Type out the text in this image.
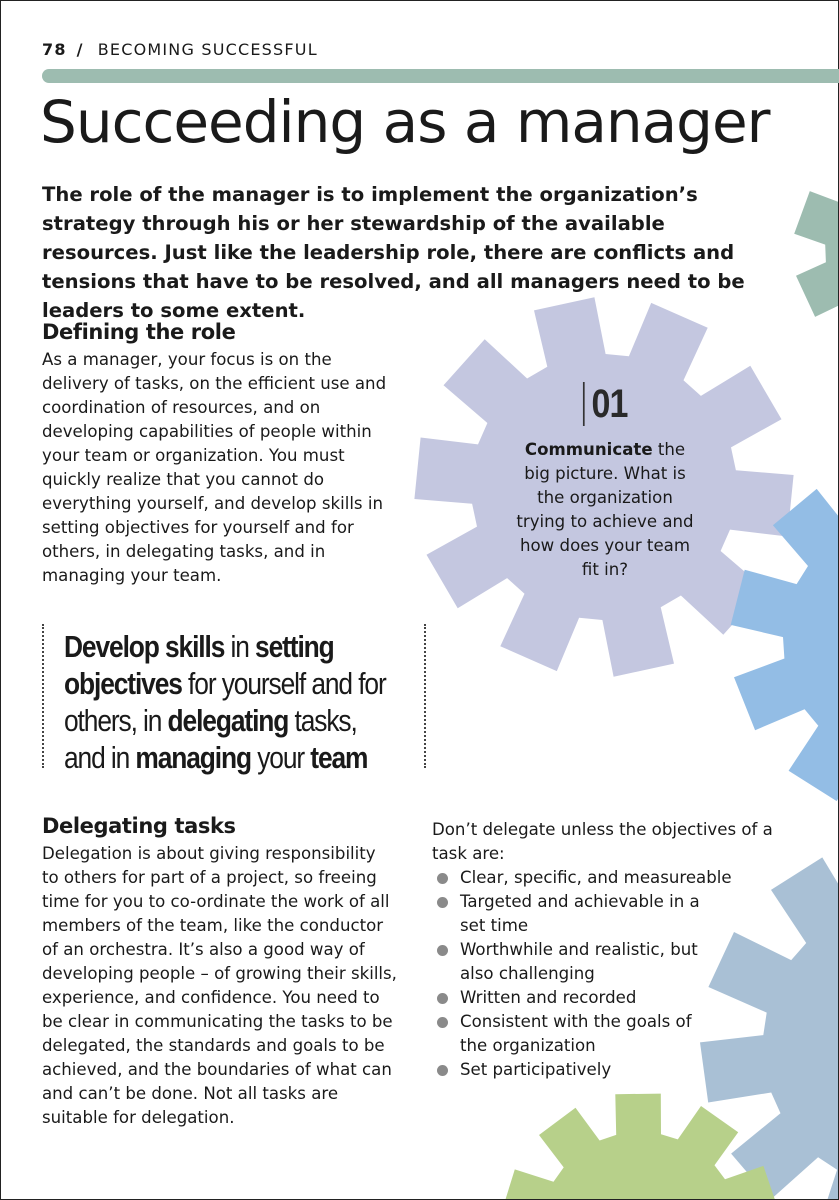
78 / BECOMING SUCCESSFUL
Succeeding as a manager

The role of the manager is to implement the organization’s strategy through his or her stewardship of the available resources. Just like the leadership role, there are conflicts and tensions that have to be resolved, and all managers need to be leaders to some extent.

Defining the role

As a manager, your focus is on the delivery of tasks, on the efficient use and coordination of resources, and on developing capabilities of people within your team or organization. You must quickly realize that you cannot do everything yourself, and develop skills in setting objectives for yourself and for others, in delegating tasks, and in managing your team.

Develop skills in setting
objectives for yourself and for
others, in delegating tasks,
and in managing your team

01

Communicate the big picture. What is the organization trying to achieve and how does your team fit in?

Delegating tasks

Delegation is about giving responsibility to others for part of a project, so freeing time for you to co-ordinate the work of all members of the team, like the conductor of an orchestra. It’s also a good way of developing people – of growing their skills, experience, and confidence. You need to be clear in communicating the tasks to be delegated, the standards and goals to be achieved, and the boundaries of what can and can’t be done. Not all tasks are suitable for delegation.

Don’t delegate unless the objectives of a task are:

Clear, specific, and measureable
Targeted and achievable in a set time
Worthwhile and realistic, but also challenging
Written and recorded
Consistent with the goals of the organization
Set participatively
